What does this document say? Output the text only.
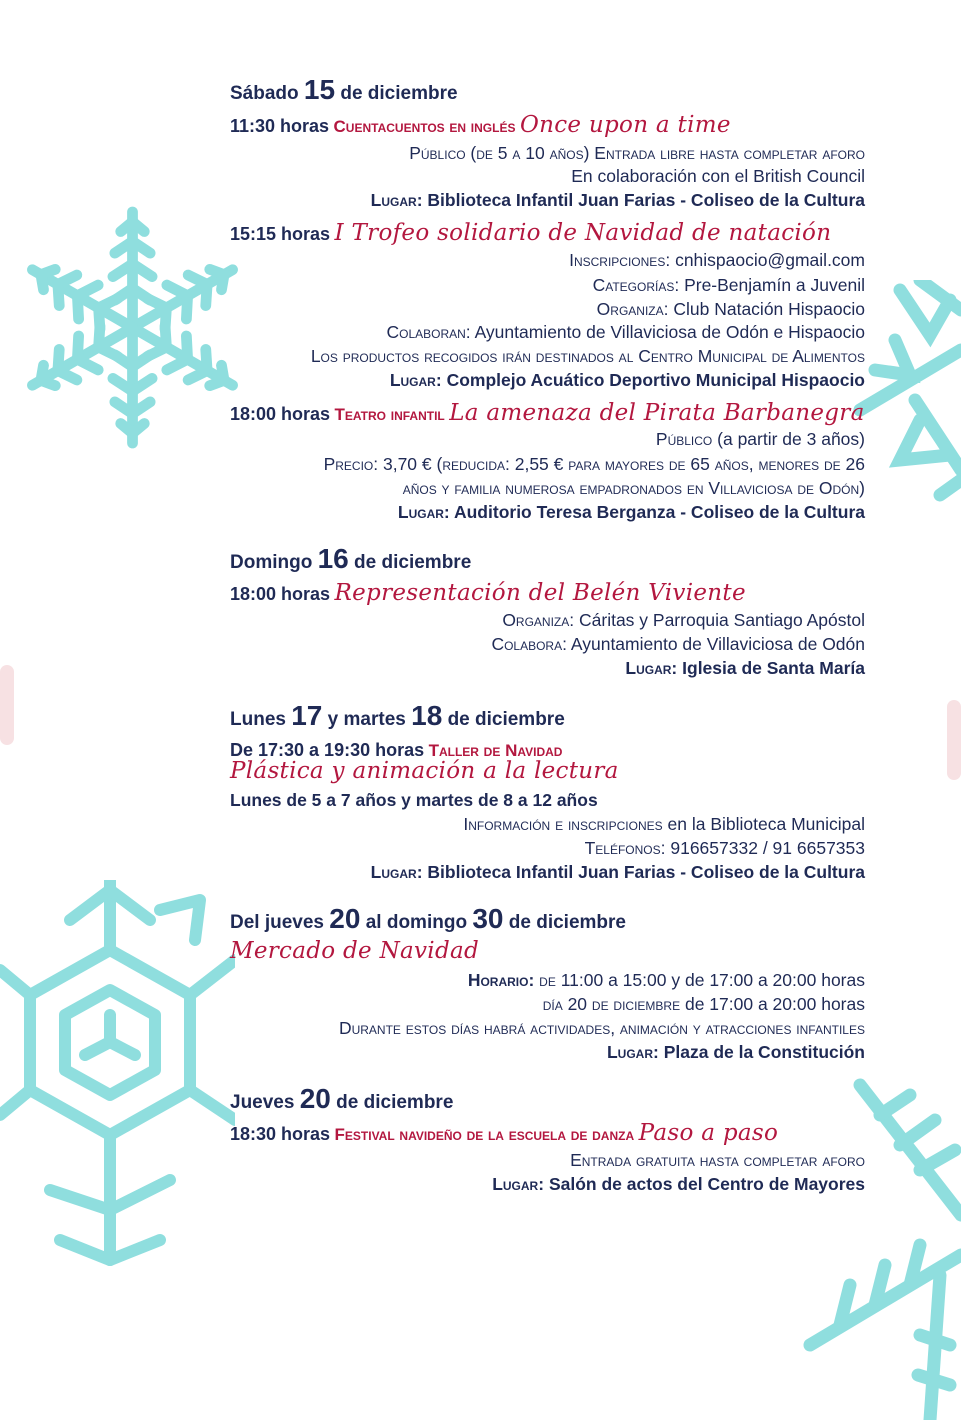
Sábado 15 de diciembre
11:30 horas Cuentacuentos en inglés Once upon a time
Público (de 5 a 10 años) Entrada libre hasta completar aforo
En colaboración con el British Council
Lugar: Biblioteca Infantil Juan Farias - Coliseo de la Cultura
15:15 horas I Trofeo solidario de Navidad de natación
Inscripciones: cnhispaocio@gmail.com
Categorías: Pre-Benjamín a Juvenil
Organiza: Club Natación Hispaocio
Colaboran: Ayuntamiento de Villaviciosa de Odón e Hispaocio
Los productos recogidos irán destinados al Centro Municipal de Alimentos
Lugar: Complejo Acuático Deportivo Municipal Hispaocio
18:00 horas Teatro infantil La amenaza del Pirata Barbanegra
Público (a partir de 3 años)
Precio: 3,70 € (reducida: 2,55 € para mayores de 65 años, menores de 26
años y familia numerosa empadronados en Villaviciosa de Odón)
Lugar: Auditorio Teresa Berganza - Coliseo de la Cultura
Domingo 16 de diciembre
18:00 horas Representación del Belén Viviente
Organiza: Cáritas y Parroquia Santiago Apóstol
Colabora: Ayuntamiento de Villaviciosa de Odón
Lugar: Iglesia de Santa María
Lunes 17 y martes 18 de diciembre
De 17:30 a 19:30 horas Taller de Navidad
Plástica y animación a la lectura
Lunes de 5 a 7 años y martes de 8 a 12 años
Información e inscripciones en la Biblioteca Municipal
Teléfonos: 916657332 / 91 6657353
Lugar: Biblioteca Infantil Juan Farias - Coliseo de la Cultura
Del jueves 20 al domingo 30 de diciembre
Mercado de Navidad
Horario: de 11:00 a 15:00 y de 17:00 a 20:00 horas
día 20 de diciembre de 17:00 a 20:00 horas
Durante estos días habrá actividades, animación y atracciones infantiles
Lugar: Plaza de la Constitución
Jueves 20 de diciembre
18:30 horas Festival navideño de la escuela de danza Paso a paso
Entrada gratuita hasta completar aforo
Lugar: Salón de actos del Centro de Mayores
